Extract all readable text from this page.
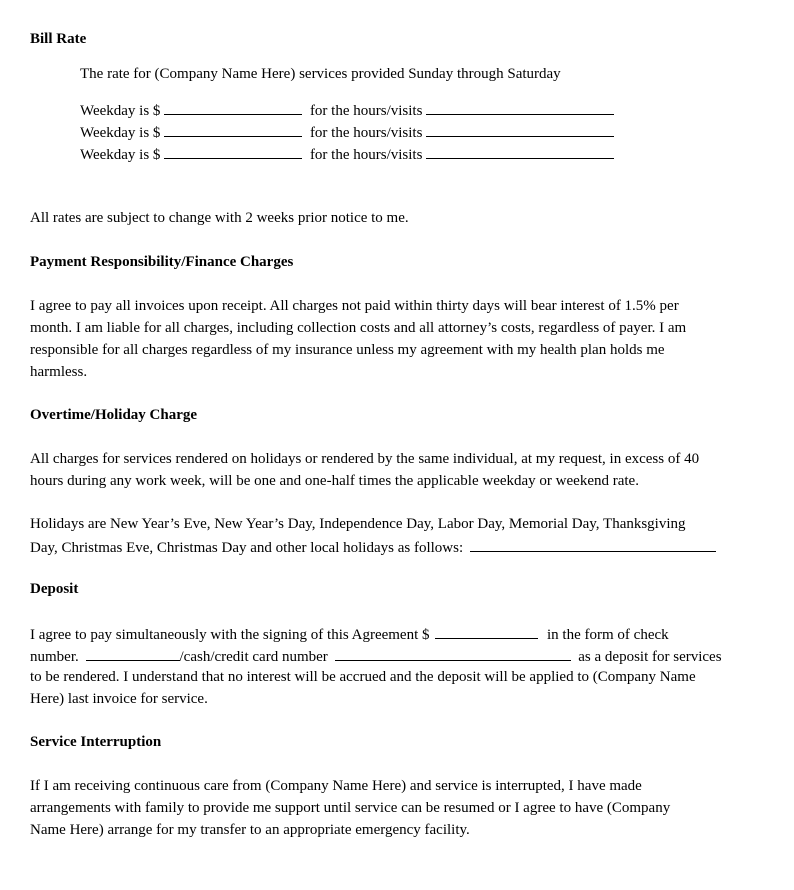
Bill Rate
The rate for (Company Name Here) services provided Sunday through Saturday
Weekday is $	for the hours/visits
Weekday is $	for the hours/visits
Weekday is $	for the hours/visits
All rates are subject to change with 2 weeks prior notice to me.
Payment Responsibility/Finance Charges
I agree to pay all invoices upon receipt. All charges not paid within thirty days will bear interest of 1.5% per
month. I am liable for all charges, including collection costs and all attorney’s costs, regardless of payer. I am
responsible for all charges regardless of my insurance unless my agreement with my health plan holds me
harmless.
Overtime/Holiday Charge
All charges for services rendered on holidays or rendered by the same individual, at my request, in excess of 40
hours during any work week, will be one and one-half times the applicable weekday or weekend rate.
Holidays are New Year’s Eve, New Year’s Day, Independence Day, Labor Day, Memorial Day, Thanksgiving
Day, Christmas Eve, Christmas Day and other local holidays as follows:
Deposit
I agree to pay simultaneously with the signing of this Agreement $	in the form of check
number.	/cash/credit card number	as a deposit for services
to be rendered. I understand that no interest will be accrued and the deposit will be applied to (Company Name
Here) last invoice for service.
Service Interruption
If I am receiving continuous care from (Company Name Here) and service is interrupted, I have made
arrangements with family to provide me support until service can be resumed or I agree to have (Company
Name Here) arrange for my transfer to an appropriate emergency facility.
